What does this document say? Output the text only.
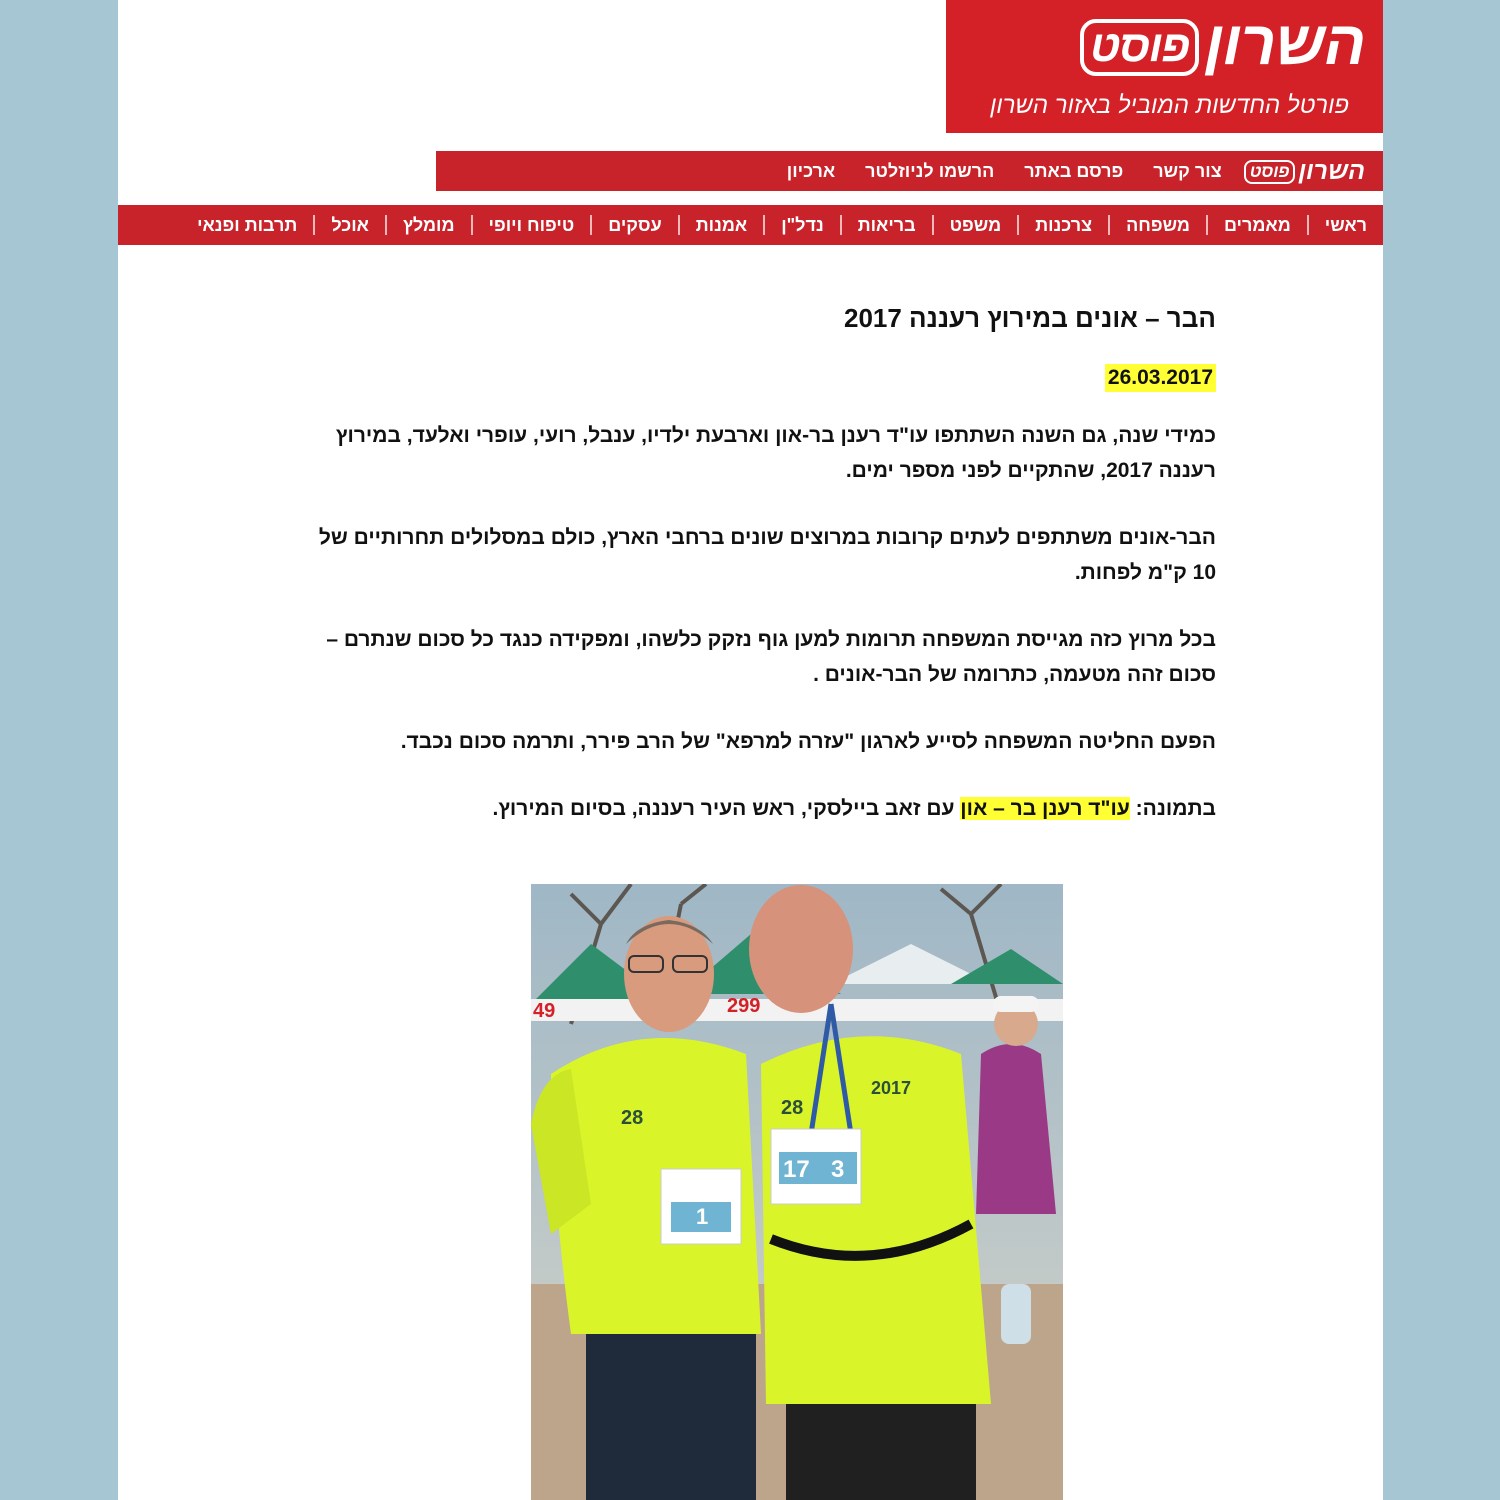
השרוןפוסט
פורטל החדשות המוביל באזור השרון
השרוןפוסט
צור קשר
פרסם באתר
הרשמו לניוזלטר
ארכיון
ראשי
מאמרים
משפחה
צרכנות
משפט
בריאות
נדל"ן
אמנות
עסקים
טיפוח ויופי
מומלץ
אוכל
תרבות ופנאי
הבר – אונים במירוץ רעננה 2017
26.03.2017

כמידי שנה, גם השנה השתתפו עו"ד רענן בר-און וארבעת ילדיו, ענבל, רועי, עופרי ואלעד, במירוץ רעננה 2017, שהתקיים לפני מספר ימים.

הבר-אונים משתתפים לעתים קרובות במרוצים שונים ברחבי הארץ, כולם במסלולים תחרותיים של 10 ק"מ לפחות.

בכל מרוץ כזה מגייסת המשפחה תרומות למען גוף נזקק כלשהו, ומפקידה כנגד כל סכום שנתרם – סכום זהה מטעמה, כתרומה של הבר-אונים .

הפעם החליטה המשפחה לסייע לארגון "עזרה למרפא" של הרב פירר, ותרמה סכום נכבד.

בתמונה: עו"ד רענן בר – און עם זאב ביילסקי, ראש העיר רעננה, בסיום המירוץ.

49	299
28
1
28
2017
17 3
